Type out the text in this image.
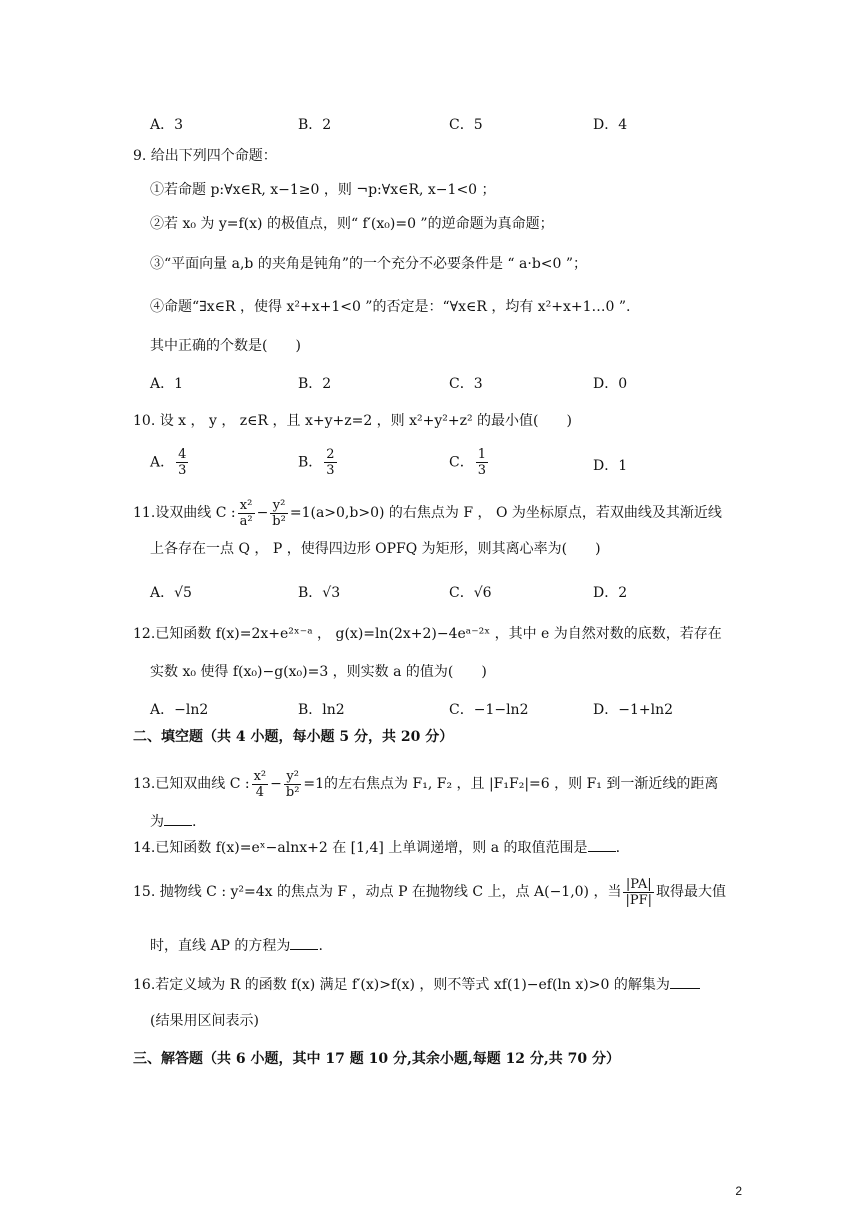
A．3	B．2	C．5	D．4
9. 给出下列四个命题：
①若命题 p:∀x∈R, x−1≥0 ，则 ¬p:∀x∈R, x−1<0 ；
②若 x₀ 为 y=f(x) 的极值点，则“ f′(x₀)=0 ”的逆命题为真命题；
③“平面向量 a,b 的夹角是钝角”的一个充分不必要条件是 “ a·b<0 ”；
④命题“∃x∈R ，使得 x²+x+1<0 ”的否定是：“∀x∈R ，均有 x²+x+1…0 ”.
其中正确的个数是(　　)
A．1	B．2	C．3	D．0
10. 设 x ， y ， z∈R ，且 x+y+z=2 ，则 x²+y²+z² 的最小值(　　)
A． $\frac{4}{3}$	B． $\frac{2}{3}$	C． $\frac{1}{3}$	D．1
11.设双曲线 C : $\frac{\text{x²}}{\text{a²}} - \frac{\text{y²}}{\text{b²}} =1(a>0,b>0)$ 的右焦点为 F ， O 为坐标原点，若双曲线及其渐近线
上各存在一点 Q ， P ，使得四边形 OPFQ 为矩形，则其离心率为(　　)
A．√5	B．√3	C．√6	D．2
12.已知函数 f(x)=2x+e²ˣ⁻ᵃ ， g(x)=ln(2x+2)−4eᵃ⁻²ˣ ，其中 e 为自然对数的底数，若存在
实数 x₀ 使得 f(x₀)−g(x₀)=3 ，则实数 a 的值为(　　)
A．−ln2	B．ln2	C．−1−ln2	D．−1+ln2
二、填空题（共 4 小题，每小题 5 分，共 20 分）
13.已知双曲线 C : $\frac{\text{x²}}{4} - \frac{\text{y²}}{\text{b²}} =1$的左右焦点为 F₁, F₂ ，且 |F₁F₂|=6 ，则 F₁ 到一渐近线的距离
为 .
14.已知函数 f(x)=eˣ−alnx+2 在 [1,4] 上单调递增，则 a 的取值范围是 .
15. 抛物线 C : y²=4x 的焦点为 F ，动点 P 在抛物线 C 上，点 A(−1,0) ，当 $\frac{|PA|}{|PF|}$ 取得最大值
时，直线 AP 的方程为 .
16.若定义域为 R 的函数 f(x) 满足 f′(x)>f(x) ，则不等式 xf(1)−ef(ln x)>0 的解集为
(结果用区间表示)
三、解答题（共 6 小题，其中 17 题 10 分,其余小题,每题 12 分,共 70 分）
2
